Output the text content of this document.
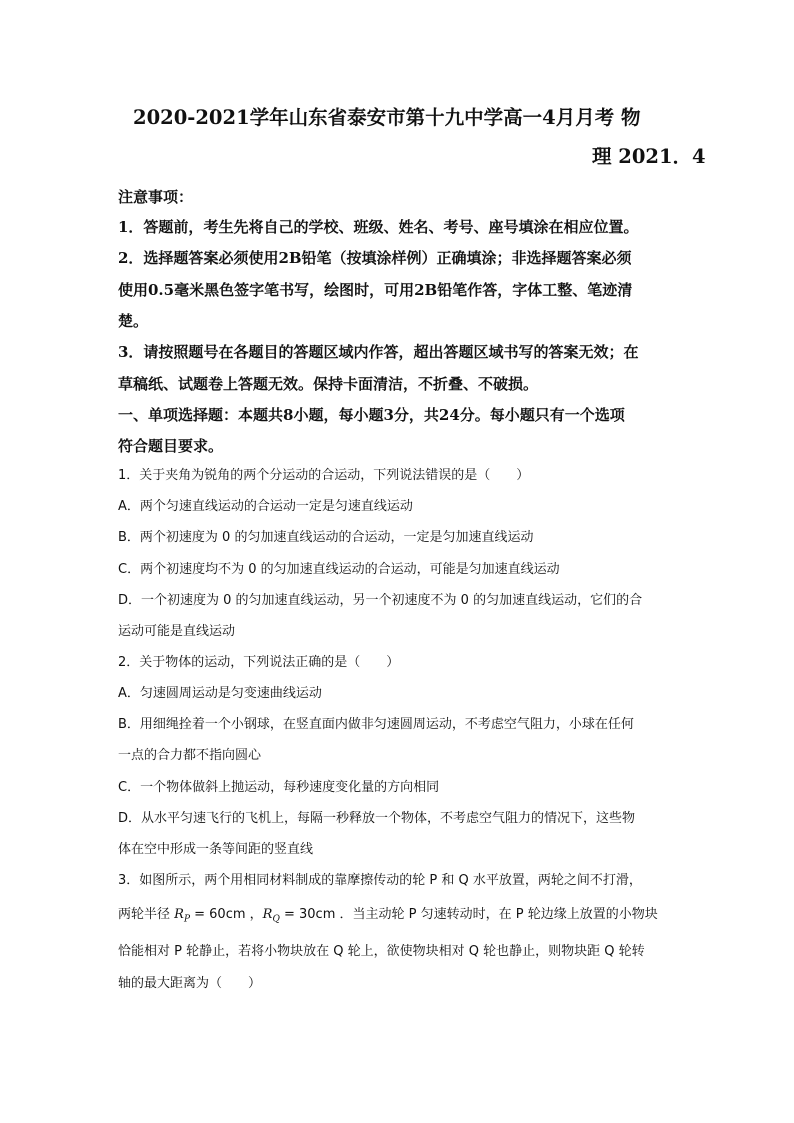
2020-2021学年山东省泰安市第十九中学高一4月月考 物
理 2021．4
注意事项：
1．答题前，考生先将自己的学校、班级、姓名、考号、座号填涂在相应位置。
2．选择题答案必须使用2B铅笔（按填涂样例）正确填涂；非选择题答案必须
使用0.5毫米黑色签字笔书写，绘图时，可用2B铅笔作答，字体工整、笔迹清
楚。
3．请按照题号在各题目的答题区域内作答，超出答题区域书写的答案无效；在
草稿纸、试题卷上答题无效。保持卡面清洁，不折叠、不破损。
一、单项选择题：本题共8小题，每小题3分，共24分。每小题只有一个选项
符合题目要求。
1．关于夹角为锐角的两个分运动的合运动，下列说法错误的是（　　）
A．两个匀速直线运动的合运动一定是匀速直线运动
B．两个初速度为 0 的匀加速直线运动的合运动，一定是匀加速直线运动
C．两个初速度均不为 0 的匀加速直线运动的合运动，可能是匀加速直线运动
D．一个初速度为 0 的匀加速直线运动，另一个初速度不为 0 的匀加速直线运动，它们的合
运动可能是直线运动
2．关于物体的运动，下列说法正确的是（　　）
A．匀速圆周运动是匀变速曲线运动
B．用细绳拴着一个小钢球，在竖直面内做非匀速圆周运动，不考虑空气阻力，小球在任何
一点的合力都不指向圆心
C．一个物体做斜上抛运动，每秒速度变化量的方向相同
D．从水平匀速飞行的飞机上，每隔一秒释放一个物体，不考虑空气阻力的情况下，这些物
体在空中形成一条等间距的竖直线
3．如图所示，两个用相同材料制成的靠摩擦传动的轮 P 和 Q 水平放置，两轮之间不打滑，
两轮半径 $R_P = 60cm$ ，$R_Q = 30cm$ ．当主动轮 P 匀速转动时，在 P 轮边缘上放置的小物块
恰能相对 P 轮静止，若将小物块放在 Q 轮上，欲使物块相对 Q 轮也静止，则物块距 Q 轮转
轴的最大距离为（　　）
